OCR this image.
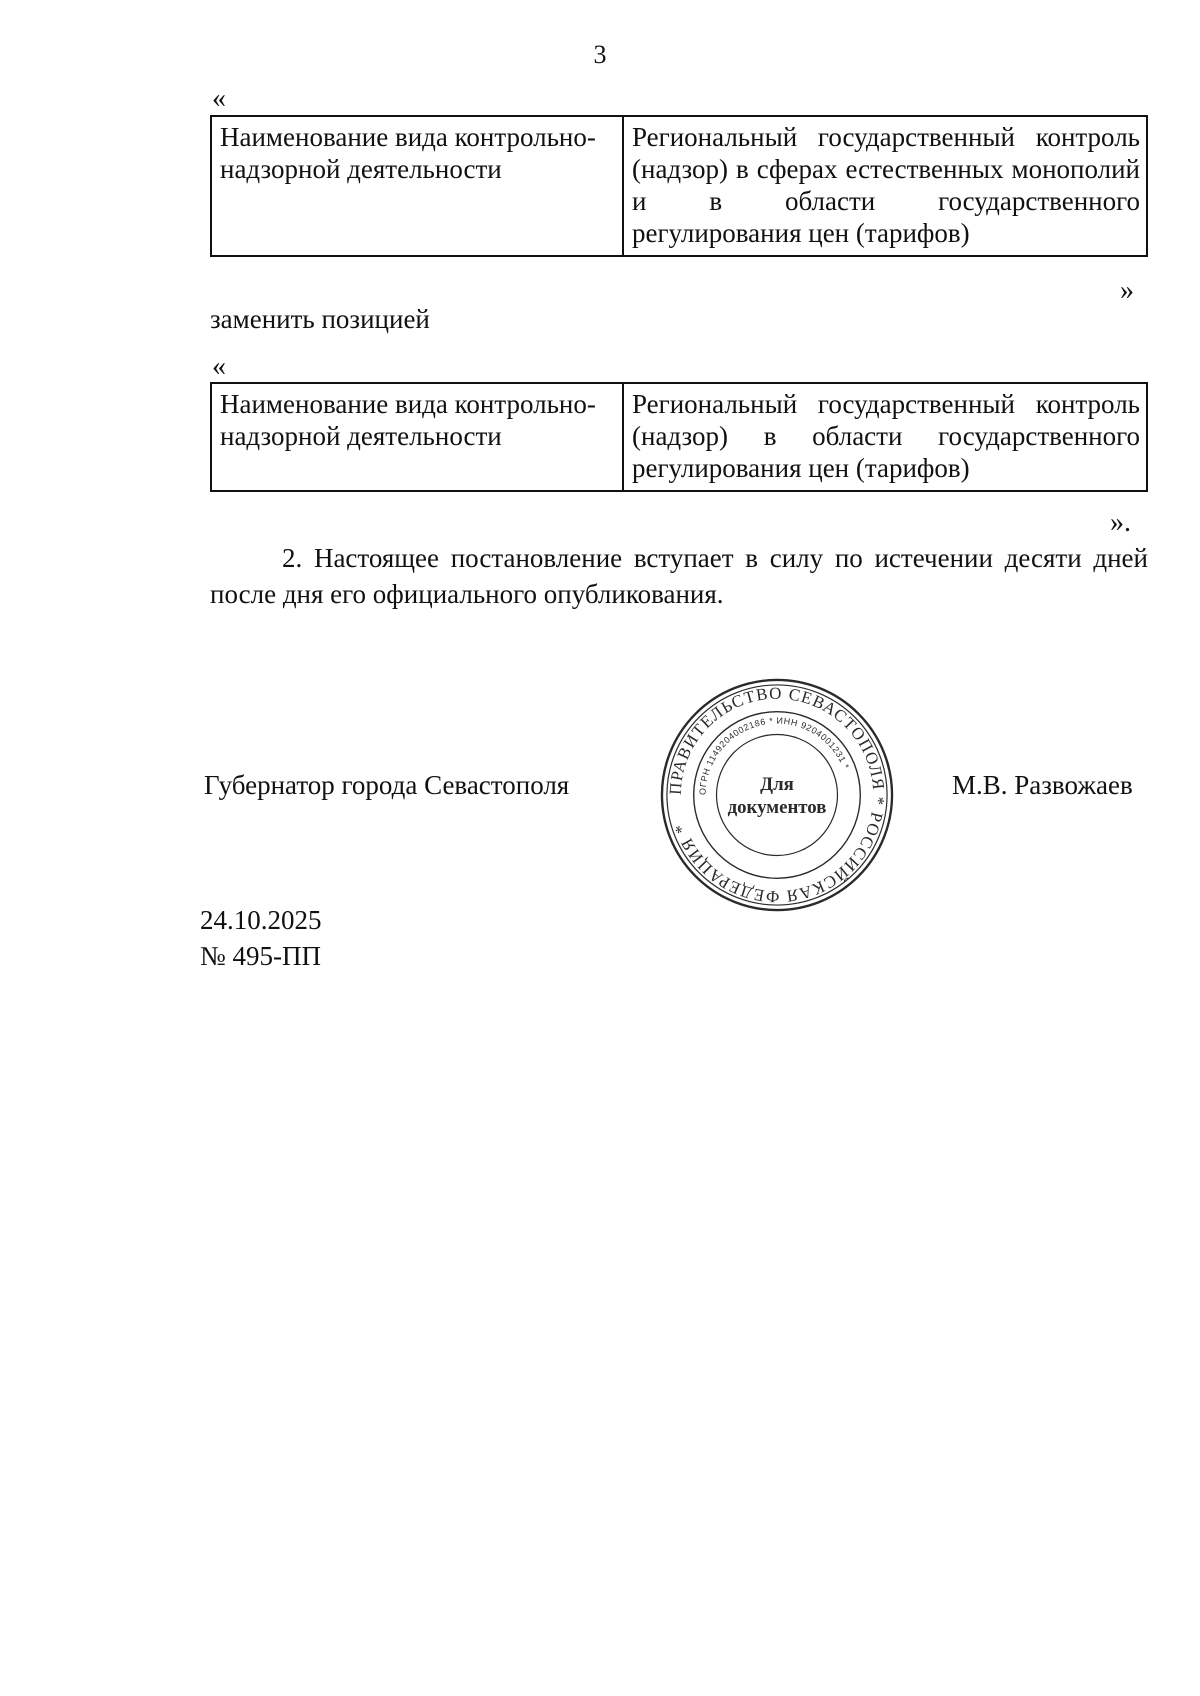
3
«
Наименование вида контрольно-надзорной деятельности	Региональный государственный контроль (надзор) в сферах естественных монополий и в области государственного регулирования цен (тарифов)
»
заменить позицией
«
Наименование вида контрольно-надзорной деятельности	Региональный государственный контроль (надзор) в области государственного регулирования цен (тарифов)
».
2. Настоящее постановление вступает в силу по истечении десяти дней после дня его официального опубликования.
Губернатор города Севастополя	ПРАВИТЕЛЬСТВО СЕВАСТОПОЛЯ * РОССИЙСКАЯ ФЕДЕРАЦИЯ *
ОГРН 1149204002186 * ИНН 9204001231 *
Для
документов
М.В. Развожаев
24.10.2025
№ 495-ПП
